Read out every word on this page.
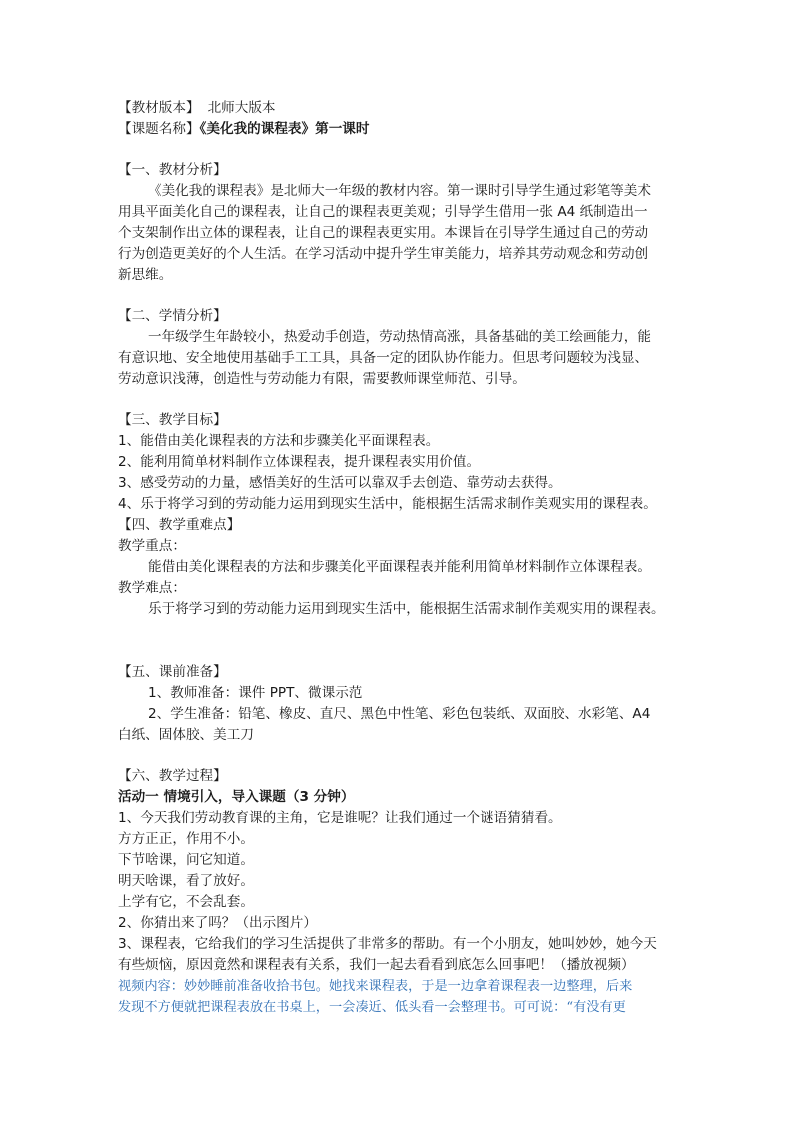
【教材版本】 北师大版本
【课题名称】《美化我的课程表》第一课时
【一、教材分析】
《美化我的课程表》是北师大一年级的教材内容。第一课时引导学生通过彩笔等美术
用具平面美化自己的课程表，让自己的课程表更美观；引导学生借用一张 A4 纸制造出一
个支架制作出立体的课程表，让自己的课程表更实用。本课旨在引导学生通过自己的劳动
行为创造更美好的个人生活。在学习活动中提升学生审美能力，培养其劳动观念和劳动创
新思维。
【二、学情分析】
一年级学生年龄较小，热爱动手创造，劳动热情高涨，具备基础的美工绘画能力，能
有意识地、安全地使用基础手工工具，具备一定的团队协作能力。但思考问题较为浅显、
劳动意识浅薄，创造性与劳动能力有限，需要教师课堂师范、引导。
【三、教学目标】
1、能借由美化课程表的方法和步骤美化平面课程表。
2、能利用简单材料制作立体课程表，提升课程表实用价值。
3、感受劳动的力量，感悟美好的生活可以靠双手去创造、靠劳动去获得。
4、乐于将学习到的劳动能力运用到现实生活中，能根据生活需求制作美观实用的课程表。
【四、教学重难点】
教学重点：
能借由美化课程表的方法和步骤美化平面课程表并能利用简单材料制作立体课程表。
教学难点：
乐于将学习到的劳动能力运用到现实生活中，能根据生活需求制作美观实用的课程表。
【五、课前准备】
1、教师准备：课件 PPT、微课示范
2、学生准备：铅笔、橡皮、直尺、黑色中性笔、彩色包装纸、双面胶、水彩笔、A4
白纸、固体胶、美工刀
【六、教学过程】
活动一 情境引入，导入课题（3 分钟）
1、今天我们劳动教育课的主角，它是谁呢？让我们通过一个谜语猜猜看。
方方正正，作用不小。
下节啥课，问它知道。
明天啥课，看了放好。
上学有它，不会乱套。
2、你猜出来了吗？（出示图片）
3、课程表，它给我们的学习生活提供了非常多的帮助。有一个小朋友，她叫妙妙，她今天
有些烦恼，原因竟然和课程表有关系，我们一起去看看到底怎么回事吧！（播放视频）
视频内容：妙妙睡前准备收拾书包。她找来课程表，于是一边拿着课程表一边整理，后来
发现不方便就把课程表放在书桌上，一会凑近、低头看一会整理书。可可说：“有没有更
